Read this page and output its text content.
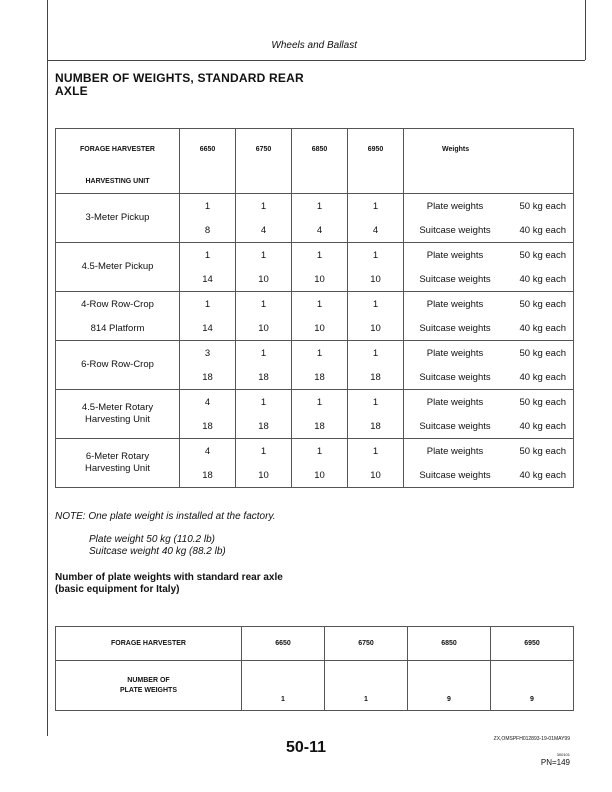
Wheels and Ballast
NUMBER OF WEIGHTS, STANDARD REAR
AXLE
FORAGE HARVESTER	6650	6750	6850	6950	Weights
HARVESTING UNIT					

3-Meter Pickup	1	1	1	1	Plate weights 50 kg each
	8	4	4	4	Suitcase weights 40 kg each

4.5-Meter Pickup	1	1	1	1	Plate weights 50 kg each
	14	10	10	10	Suitcase weights 40 kg each
4-Row Row-Crop	1	1	1	1	Plate weights 50 kg each
814 Platform	14	10	10	10	Suitcase weights 40 kg each

6-Row Row-Crop	3	1	1	1	Plate weights 50 kg each
	18	18	18	18	Suitcase weights 40 kg each

4.5-Meter Rotary
Harvesting Unit	4	1	1	1	Plate weights 50 kg each
	18	18	18	18	Suitcase weights 40 kg each

6-Meter Rotary
Harvesting Unit	4	1	1	1	Plate weights 50 kg each
	18	10	10	10	Suitcase weights 40 kg each
NOTE: One plate weight is installed at the factory.
Plate weight 50 kg (110.2 lb)
Suitcase weight 40 kg (88.2 lb)
Number of plate weights with standard rear axle
(basic equipment for Italy)
FORAGE HARVESTER	6650	6750	6850	6950

NUMBER OF
PLATE WEIGHTS	1	1	9	9
ZX,OMSPFH012893-19-01MAY99
50-11	300101
PN=149
